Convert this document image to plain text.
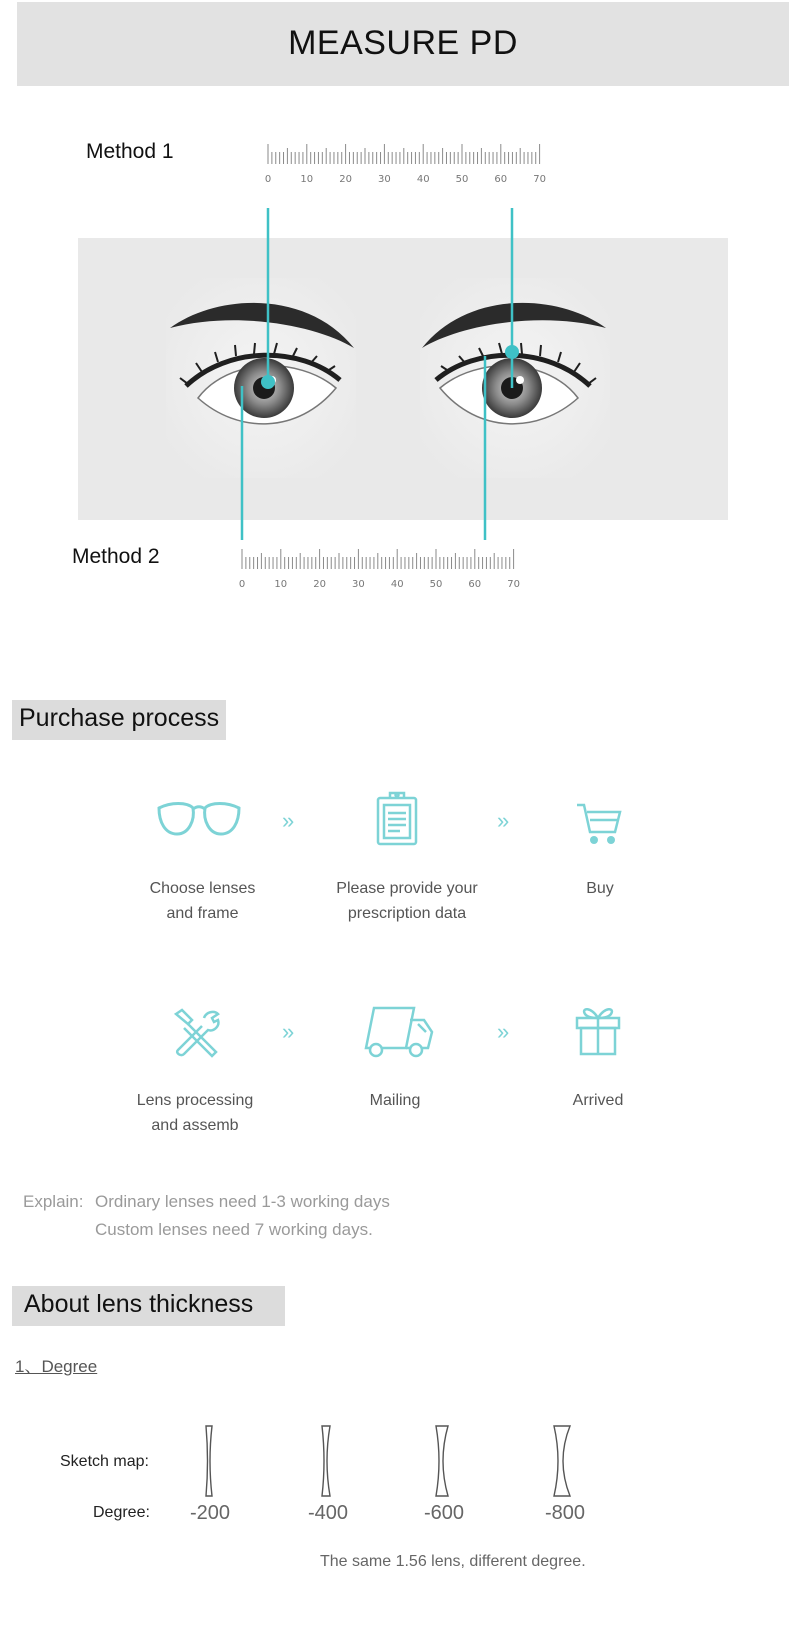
MEASURE PD
Method 1
0	10	20	30	40	50	60	70
Method 2
0	10	20	30	40	50	60	70
Purchase process
»	»
Choose lenses
and frame
Please provide your
prescription data
Buy
»	»
Lens processing
and assemb
Mailing	Arrived
Explain: Ordinary lenses need 1-3 working days
Custom lenses need 7 working days.
About lens thickness
1、Degree
Sketch map:
Degree: -200	-400	-600	-800
The same 1.56 lens, different degree.
